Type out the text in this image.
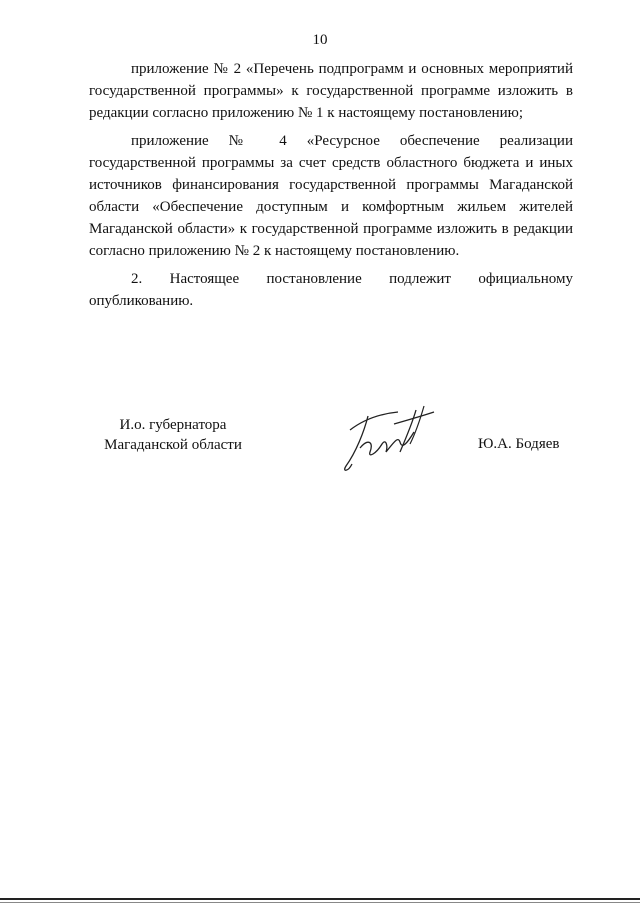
10

приложение № 2 «Перечень подпрограмм и основных мероприятий государственной программы» к государственной программе изложить в редакции согласно приложению № 1 к настоящему постановлению;

приложение № 4 «Ресурсное обеспечение реализации государственной программы за счет средств областного бюджета и иных источников финансирования государственной программы Магаданской области «Обеспечение доступным и комфортным жильем жителей Магаданской области» к государственной программе изложить в редакции согласно приложению № 2 к настоящему постановлению.

2. Настоящее постановление подлежит официальному опубликованию.

И.о. губернатора
Магаданской области	Ю.А. Бодяев
